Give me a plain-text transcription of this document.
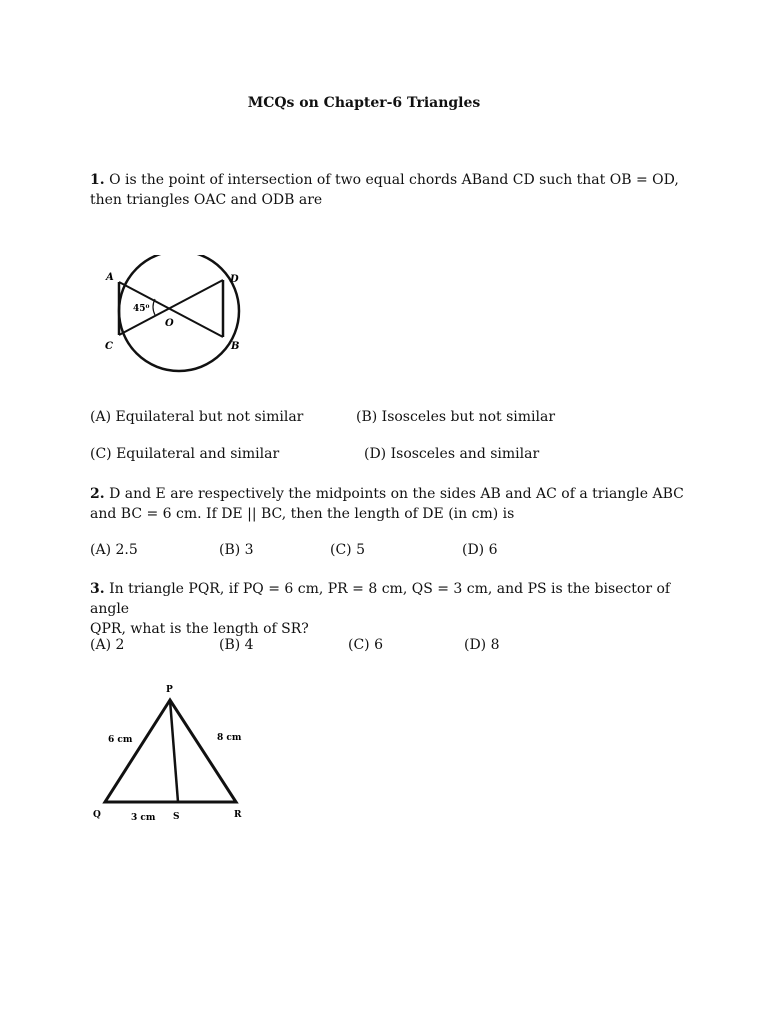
MCQs on Chapter-6 Triangles
1. O is the point of intersection of two equal chords ABand CD such that OB = OD,
then triangles OAC and ODB are
A	D
C	B
O
45⁰
(A) Equilateral but not similar	(B) Isosceles but not similar
(C) Equilateral and similar	(D) Isosceles and similar
2. D and E are respectively the midpoints on the sides AB and AC of a triangle ABC
and BC = 6 cm. If DE || BC, then the length of DE (in cm) is
(A) 2.5	(B) 3	(C) 5	(D) 6
3. In triangle PQR, if PQ = 6 cm, PR = 8 cm, QS = 3 cm, and PS is the bisector of angle
QPR, what is the length of SR?
(A) 2	(B) 4	(C) 6	(D) 8
P
Q	R
S
6 cm	8 cm
3 cm
